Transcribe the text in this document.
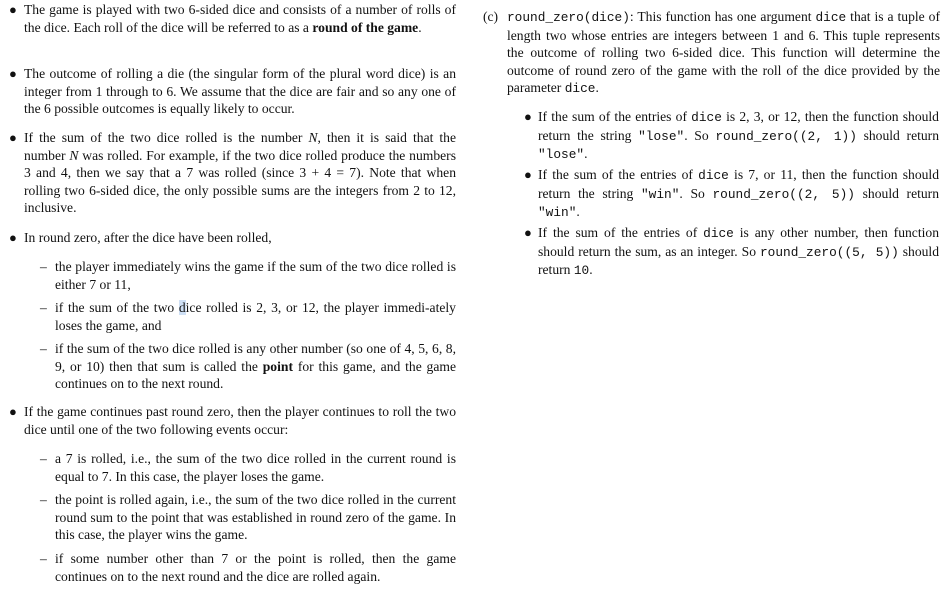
● The game is played with two 6-sided dice and consists of a number of rolls of the dice. Each roll of the dice will be referred to as a round of the game.

● The outcome of rolling a die (the singular form of the plural word dice) is an integer from 1 through to 6. We assume that the dice are fair and so any one of the 6 possible outcomes is equally likely to occur.

● If the sum of the two dice rolled is the number N, then it is said that the number N was rolled. For example, if the two dice rolled produce the numbers 3 and 4, then we say that a 7 was rolled (since 3 + 4 = 7). Note that when rolling two 6-sided dice, the only possible sums are the integers from 2 to 12, inclusive.

● In round zero, after the dice have been rolled,

– the player immediately wins the game if the sum of the two dice rolled is either 7 or 11,

– if the sum of the two dice rolled is 2, 3, or 12, the player immedi-ately loses the game, and

– if the sum of the two dice rolled is any other number (so one of 4, 5, 6, 8, 9, or 10) then that sum is called the point for this game, and the game continues on to the next round.

● If the game continues past round zero, then the player continues to roll the two dice until one of the two following events occur:

– a 7 is rolled, i.e., the sum of the two dice rolled in the current round is equal to 7. In this case, the player loses the game.

– the point is rolled again, i.e., the sum of the two dice rolled in the current round sum to the point that was established in round zero of the game. In this case, the player wins the game.

– if some number other than 7 or the point is rolled, then the game continues on to the next round and the dice are rolled again.

(c) round_zero(dice): This function has one argument dice that is a tuple of length two whose entries are integers between 1 and 6. This tuple represents the outcome of rolling two 6-sided dice. This function will determine the outcome of round zero of the game with the roll of the dice provided by the parameter dice.

● If the sum of the entries of dice is 2, 3, or 12, then the function should return the string "lose". So round_zero((2, 1)) should return "lose".

● If the sum of the entries of dice is 7, or 11, then the function should return the string "win". So round_zero((2, 5)) should return "win".

● If the sum of the entries of dice is any other number, then function should return the sum, as an integer. So round_zero((5, 5)) should return 10.
